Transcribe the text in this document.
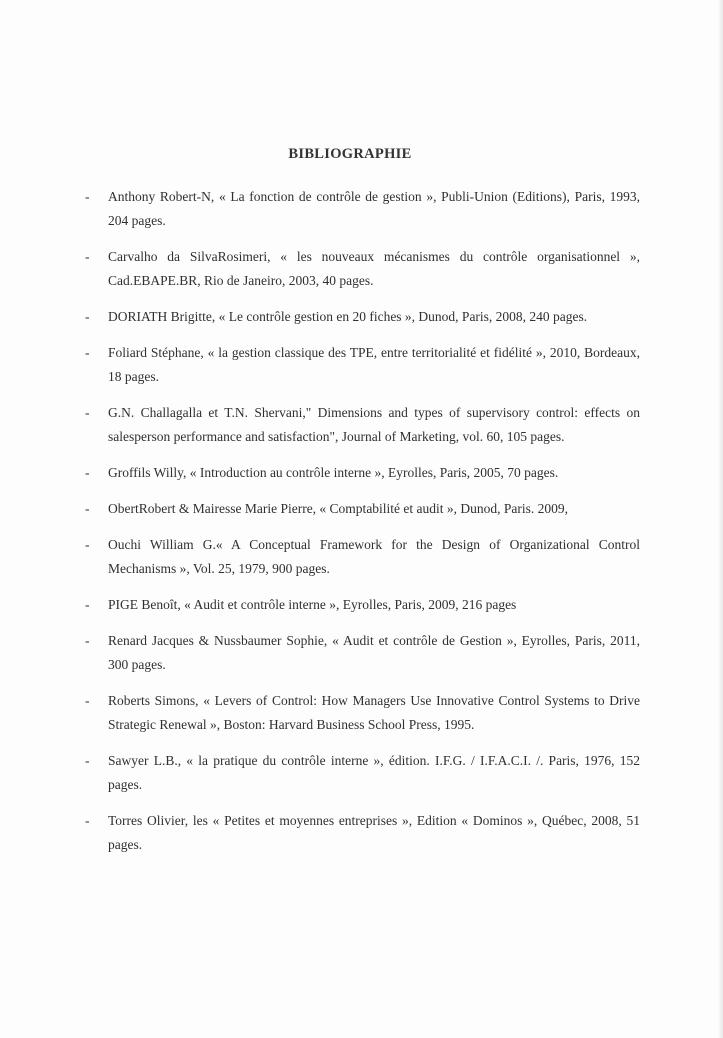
BIBLIOGRAPHIE
- Anthony Robert-N, « La fonction de contrôle de gestion », Publi-Union (Editions), Paris, 1993, 204 pages.
- Carvalho da SilvaRosimeri, « les nouveaux mécanismes du contrôle organisationnel », Cad.EBAPE.BR, Rio de Janeiro, 2003, 40 pages.
- DORIATH Brigitte, « Le contrôle gestion en 20 fiches », Dunod, Paris, 2008, 240 pages.
- Foliard Stéphane, « la gestion classique des TPE, entre territorialité et fidélité », 2010, Bordeaux, 18 pages.
- G.N. Challagalla et T.N. Shervani," Dimensions and types of supervisory control: effects on salesperson performance and satisfaction", Journal of Marketing, vol. 60, 105 pages.
- Groffils Willy, « Introduction au contrôle interne », Eyrolles, Paris, 2005, 70 pages.
- ObertRobert & Mairesse Marie Pierre, « Comptabilité et audit », Dunod, Paris. 2009,
- Ouchi William G.« A Conceptual Framework for the Design of Organizational Control Mechanisms », Vol. 25, 1979, 900 pages.
- PIGE Benoît, « Audit et contrôle interne », Eyrolles, Paris, 2009, 216 pages
- Renard Jacques & Nussbaumer Sophie, « Audit et contrôle de Gestion », Eyrolles, Paris, 2011, 300 pages.
- Roberts Simons, « Levers of Control: How Managers Use Innovative Control Systems to Drive Strategic Renewal », Boston: Harvard Business School Press, 1995.
- Sawyer L.B., « la pratique du contrôle interne », édition. I.F.G. / I.F.A.C.I. /. Paris, 1976, 152 pages.
- Torres Olivier, les « Petites et moyennes entreprises », Edition « Dominos », Québec, 2008, 51 pages.
